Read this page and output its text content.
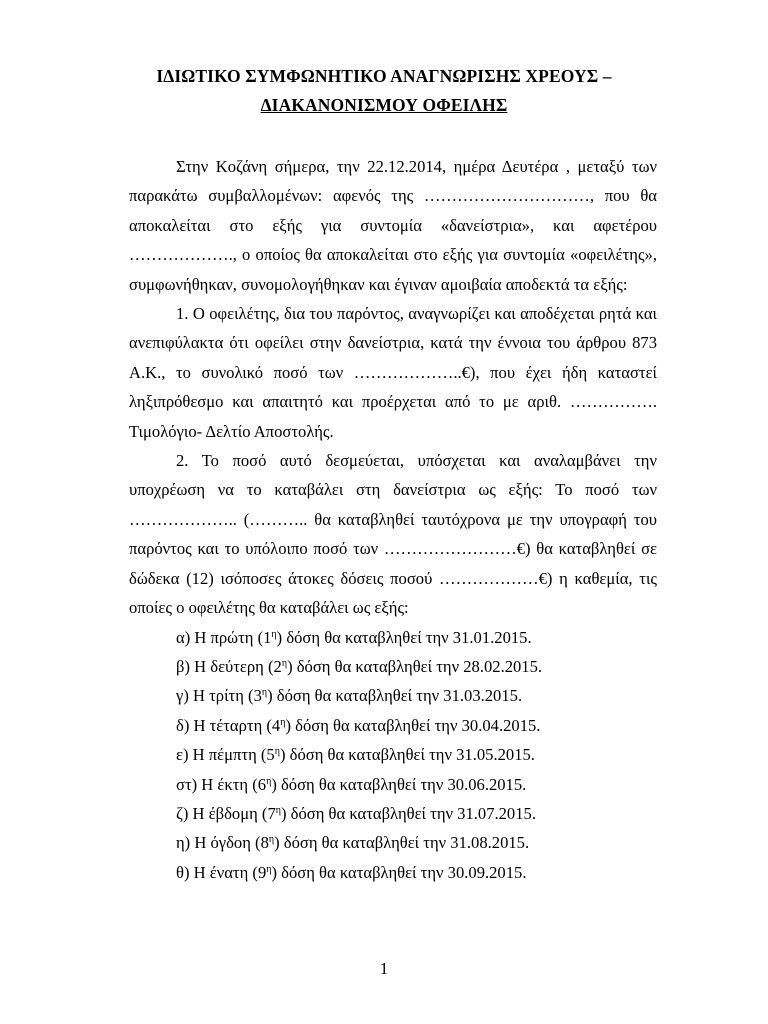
ΙΔΙΩΤΙΚΟ ΣΥΜΦΩΝΗΤΙΚΟ ΑΝΑΓΝΩΡΙΣΗΣ ΧΡΕΟΥΣ –
ΔΙΑΚΑΝΟΝΙΣΜΟΥ ΟΦΕΙΛΗΣ

Στην Κοζάνη σήμερα, την 22.12.2014, ημέρα Δευτέρα , μεταξύ των παρακάτω συμβαλλομένων: αφενός της …………………………, που θα αποκαλείται στο εξής για συντομία «δανείστρια», και αφετέρου ………………., ο οποίος θα αποκαλείται στο εξής για συντομία «οφειλέτης», συμφωνήθηκαν, συνομολογήθηκαν και έγιναν αμοιβαία αποδεκτά τα εξής:

1. Ο οφειλέτης, δια του παρόντος, αναγνωρίζει και αποδέχεται ρητά και ανεπιφύλακτα ότι οφείλει στην δανείστρια, κατά την έννοια του άρθρου 873 Α.Κ., το συνολικό ποσό των ………………..€), που έχει ήδη καταστεί ληξιπρόθεσμο και απαιτητό και προέρχεται από το με αριθ. ……………. Τιμολόγιο- Δελτίο Αποστολής.

2. Το ποσό αυτό δεσμεύεται, υπόσχεται και αναλαμβάνει την υποχρέωση να το καταβάλει στη δανείστρια ως εξής: Το ποσό των ……………….. (……….. θα καταβληθεί ταυτόχρονα με την υπογραφή του παρόντος και το υπόλοιπο ποσό των ……………………€) θα καταβληθεί σε δώδεκα (12) ισόποσες άτοκες δόσεις ποσού ………………€) η καθεμία, τις οποίες ο οφειλέτης θα καταβάλει ως εξής:

α) Η πρώτη $(1^\eta)$ δόση θα καταβληθεί την 31.01.2015.
β) Η δεύτερη $(2^\eta)$ δόση θα καταβληθεί την 28.02.2015.
γ) Η τρίτη $(3^\eta)$ δόση θα καταβληθεί την 31.03.2015.
δ) Η τέταρτη $(4^\eta)$ δόση θα καταβληθεί την 30.04.2015.
ε) Η πέμπτη $(5^\eta)$ δόση θα καταβληθεί την 31.05.2015.
στ) Η έκτη $(6^\eta)$ δόση θα καταβληθεί την 30.06.2015.
ζ) Η έβδομη $(7^\eta)$ δόση θα καταβληθεί την 31.07.2015.
η) Η όγδοη $(8^\eta)$ δόση θα καταβληθεί την 31.08.2015.
θ) Η ένατη $(9^\eta)$ δόση θα καταβληθεί την 30.09.2015.
1
